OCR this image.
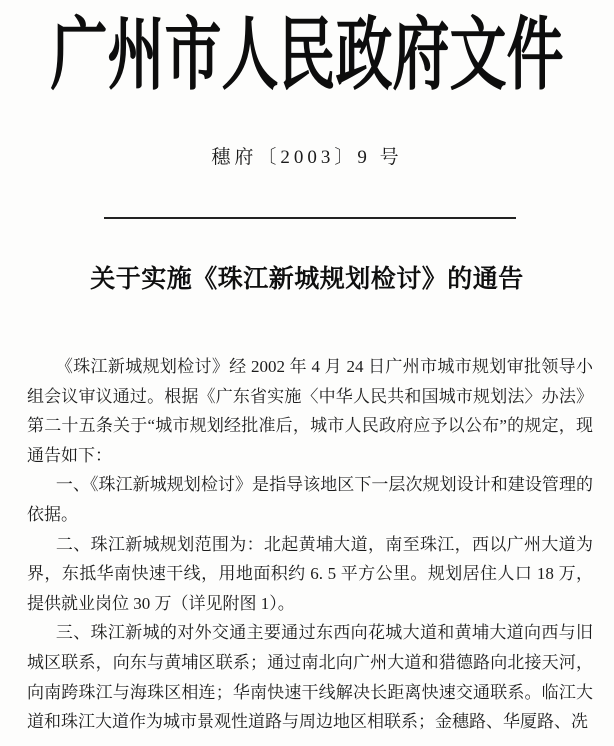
广州市人民政府文件
穗府〔2003〕9 号
关于实施《珠江新城规划检讨》的通告

《珠江新城规划检讨》经 2002 年 4 月 24 日广州市城市规划审批领导小组会议审议通过。根据《广东省实施〈中华人民共和国城市规划法〉办法》第二十五条关于“城市规划经批准后，城市人民政府应予以公布”的规定，现通告如下：

一、《珠江新城规划检讨》是指导该地区下一层次规划设计和建设管理的依据。

二、珠江新城规划范围为：北起黄埔大道，南至珠江，西以广州大道为界，东抵华南快速干线，用地面积约 6. 5 平方公里。规划居住人口 18 万，提供就业岗位 30 万（详见附图 1）。

三、珠江新城的对外交通主要通过东西向花城大道和黄埔大道向西与旧城区联系，向东与黄埔区联系；通过南北向广州大道和猎德路向北接天河，向南跨珠江与海珠区相连；华南快速干线解决长距离快速交通联系。临江大道和珠江大道作为城市景观性道路与周边地区相联系；金穗路、华厦路、冼
